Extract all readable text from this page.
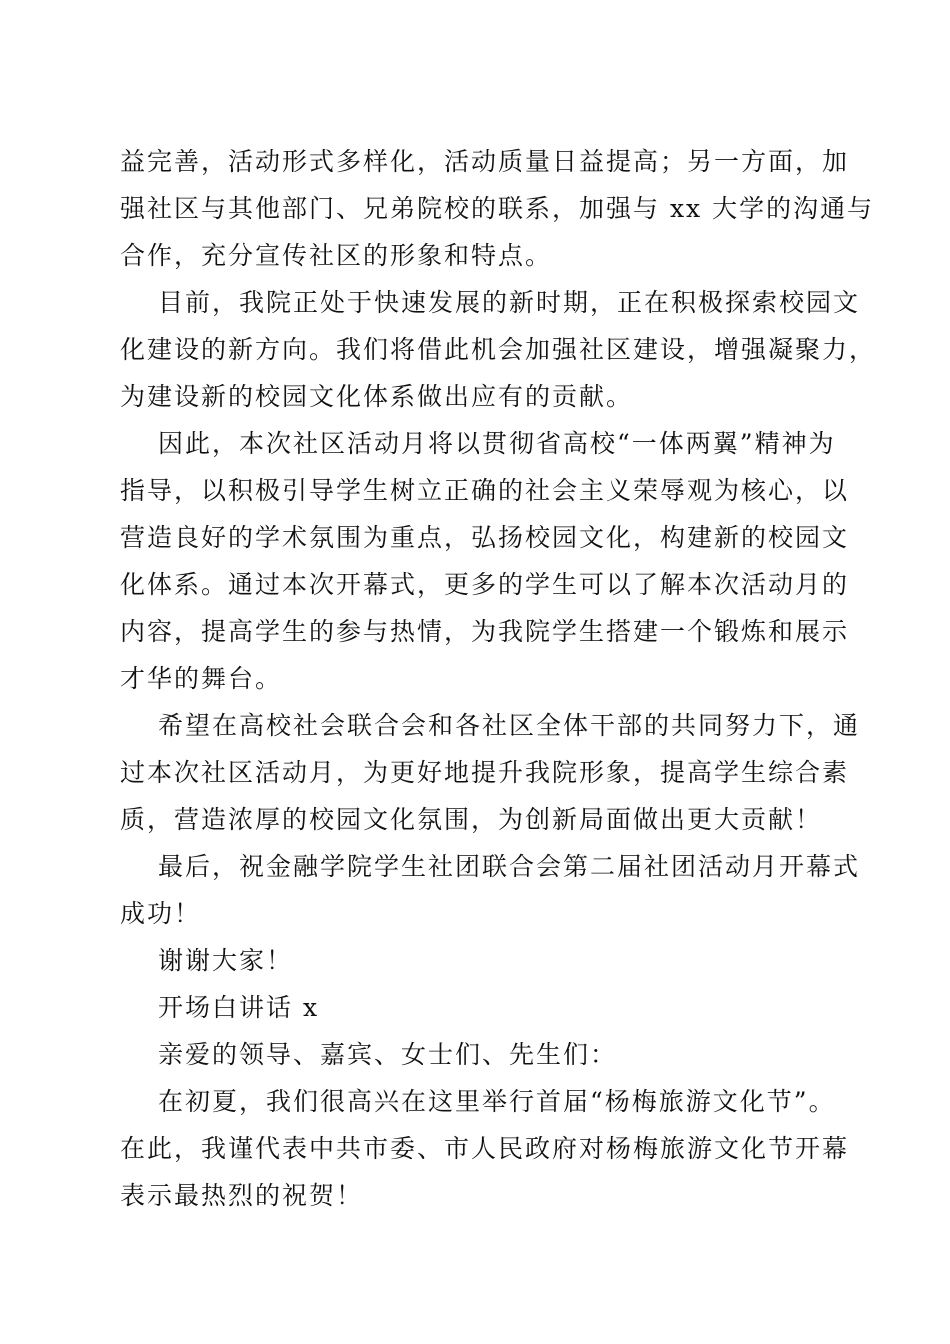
益完善，活动形式多样化，活动质量日益提高；另一方面，加
强社区与其他部门、兄弟院校的联系，加强与 xx 大学的沟通与
合作，充分宣传社区的形象和特点。

目前，我院正处于快速发展的新时期，正在积极探索校园文
化建设的新方向。我们将借此机会加强社区建设，增强凝聚力，
为建设新的校园文化体系做出应有的贡献。

因此，本次社区活动月将以贯彻省高校“一体两翼”精神为
指导，以积极引导学生树立正确的社会主义荣辱观为核心，以
营造良好的学术氛围为重点，弘扬校园文化，构建新的校园文
化体系。通过本次开幕式，更多的学生可以了解本次活动月的
内容，提高学生的参与热情，为我院学生搭建一个锻炼和展示
才华的舞台。

希望在高校社会联合会和各社区全体干部的共同努力下，通
过本次社区活动月，为更好地提升我院形象，提高学生综合素
质，营造浓厚的校园文化氛围，为创新局面做出更大贡献！

最后，祝金融学院学生社团联合会第二届社团活动月开幕式
成功！

谢谢大家！

开场白讲话 x

亲爱的领导、嘉宾、女士们、先生们：

在初夏，我们很高兴在这里举行首届“杨梅旅游文化节”。
在此，我谨代表中共市委、市人民政府对杨梅旅游文化节开幕
表示最热烈的祝贺！
